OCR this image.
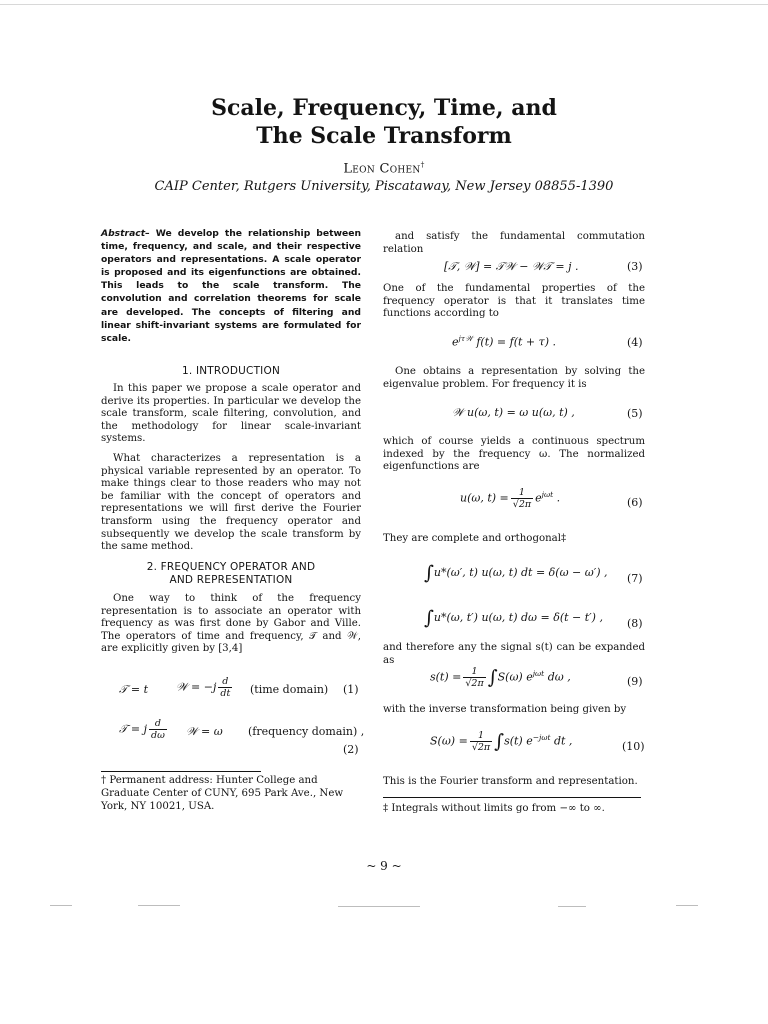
Scale, Frequency, Time, and
The Scale Transform
Leon Cohen†
CAIP Center, Rutgers University, Piscataway, New Jersey 08855-1390
Abstract– We develop the relationship between time, frequency, and scale, and their respective operators and representations. A scale operator is proposed and its eigenfunctions are obtained. This leads to the scale transform. The convolution and correlation theorems for scale are developed. The concepts of filtering and linear shift-invariant systems are formulated for scale.
1. INTRODUCTION
In this paper we propose a scale operator and derive its properties. In particular we develop the scale transform, scale filtering, convolution, and the methodology for linear scale-invariant systems.
What characterizes a representation is a physical variable represented by an operator. To make things clear to those readers who may not be familiar with the concept of operators and representations we will first derive the Fourier transform using the frequency operator and subsequently we develop the scale transform by the same method.
2. FREQUENCY OPERATOR AND
AND REPRESENTATION
One way to think of the frequency representation is to associate an operator with frequency as was first done by Gabor and Ville. The operators of time and frequency, 𝒯 and 𝒲, are explicitly given by [3,4]
𝒯 = t	𝒲 = $-j \frac{d}{dt}$ (time domain) (1)
𝒯 = j $\frac{d}{d\omega}$ 𝒲 = ω (frequency domain) ,
(2)
† Permanent address: Hunter College and Graduate Center of CUNY, 695 Park Ave., New York, NY 10021, USA.
and satisfy the fundamental commutation relation
[𝒯, 𝒲] = 𝒯𝒲 − 𝒲𝒯 = j .	(3)
One of the fundamental properties of the frequency operator is that it translates time functions according to
$e^{j\tau 𝒲}$ f(t) = f(t + τ) .	(4)
One obtains a representation by solving the eigenvalue problem. For frequency it is
𝒲 u(ω, t) = ω u(ω, t) ,	(5)
which of course yields a continuous spectrum indexed by the frequency ω. The normalized eigenfunctions are
u(ω, $t) = \frac{1}{√2\pi} e^{j\omega t}$ .	(6)
They are complete and orthogonal‡
∫u*(ω′, t) u(ω, t) dt = δ(ω − ω′) , (7)
∫u*(ω, t′) u(ω, t) dω = δ(t − t′) , (8)
and therefore any the signal s(t) can be expanded as
$s(t) = \frac{1}{√2\pi} \int S(\omega)$ $e^{j\omega t}$ dω ,	(9)
with the inverse transformation being given by
$S(\omega) = \frac{1}{√2\pi} \int s(t)$ $e^{-j\omega t}$ dt ,	(10)
This is the Fourier transform and representation.
‡ Integrals without limits go from −∞ to ∞.
~ 9 ~
